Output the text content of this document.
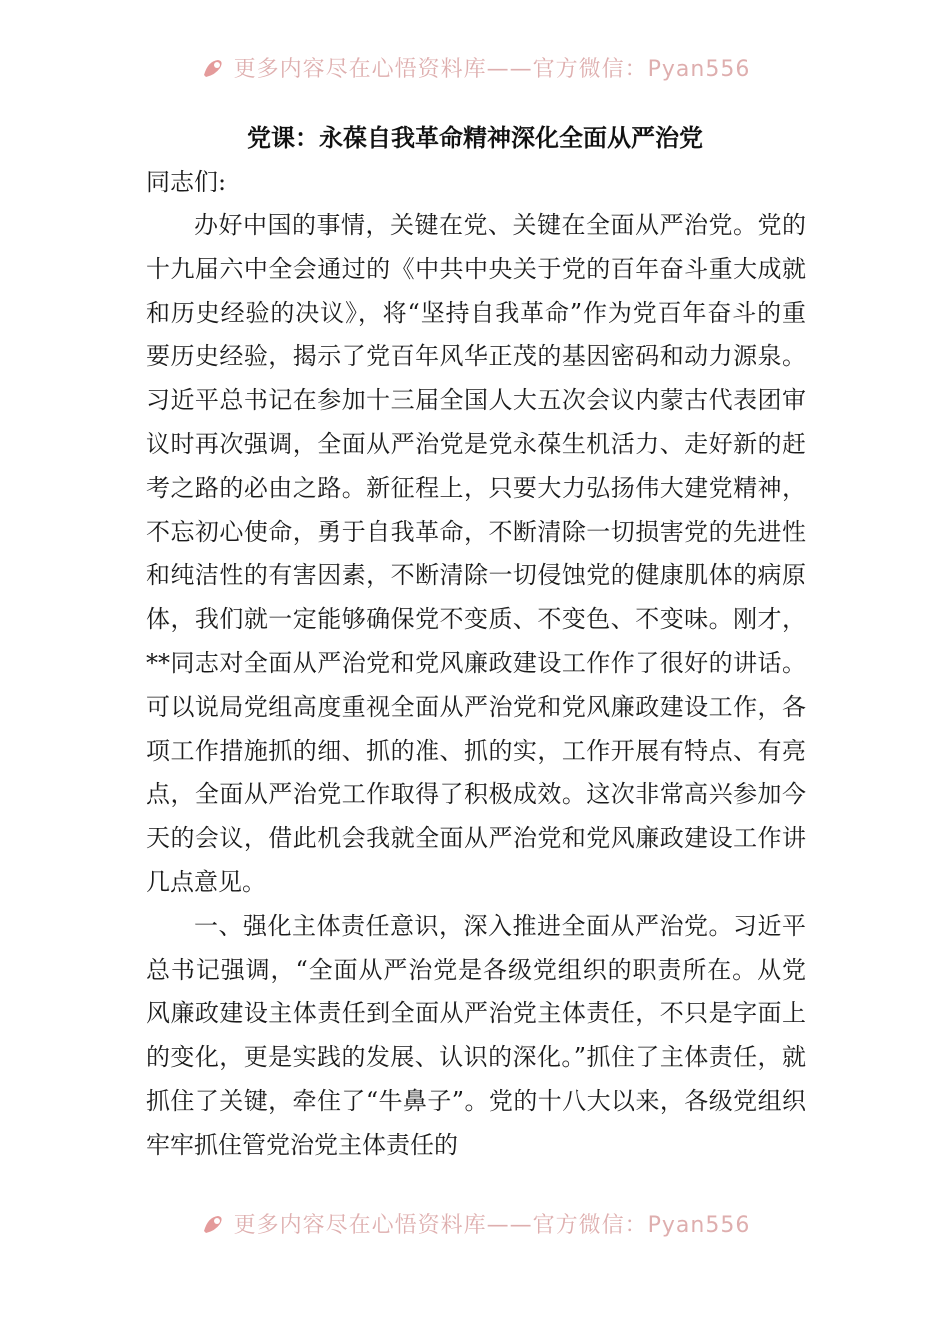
更多内容尽在心悟资料库——官方微信：Pyan556
党课：永葆自我革命精神深化全面从严治党
同志们:

办好中国的事情，关键在党、关键在全面从严治党。党的十九届六中全会通过的《中共中央关于党的百年奋斗重大成就和历史经验的决议》，将“坚持自我革命”作为党百年奋斗的重要历史经验，揭示了党百年风华正茂的基因密码和动力源泉。习近平总书记在参加十三届全国人大五次会议内蒙古代表团审议时再次强调，全面从严治党是党永葆生机活力、走好新的赶考之路的必由之路。新征程上，只要大力弘扬伟大建党精神，不忘初心使命，勇于自我革命，不断清除一切损害党的先进性和纯洁性的有害因素，不断清除一切侵蚀党的健康肌体的病原体，我们就一定能够确保党不变质、不变色、不变味。刚才，**同志对全面从严治党和党风廉政建设工作作了很好的讲话。可以说局党组高度重视全面从严治党和党风廉政建设工作，各项工作措施抓的细、抓的准、抓的实，工作开展有特点、有亮点，全面从严治党工作取得了积极成效。这次非常高兴参加今天的会议，借此机会我就全面从严治党和党风廉政建设工作讲几点意见。

一、强化主体责任意识，深入推进全面从严治党。习近平总书记强调，“全面从严治党是各级党组织的职责所在。从党风廉政建设主体责任到全面从严治党主体责任，不只是字面上的变化，更是实践的发展、认识的深化。”抓住了主体责任，就抓住了关键，牵住了“牛鼻子”。党的十八大以来，各级党组织牢牢抓住管党治党主体责任的

更多内容尽在心悟资料库——官方微信：Pyan556
